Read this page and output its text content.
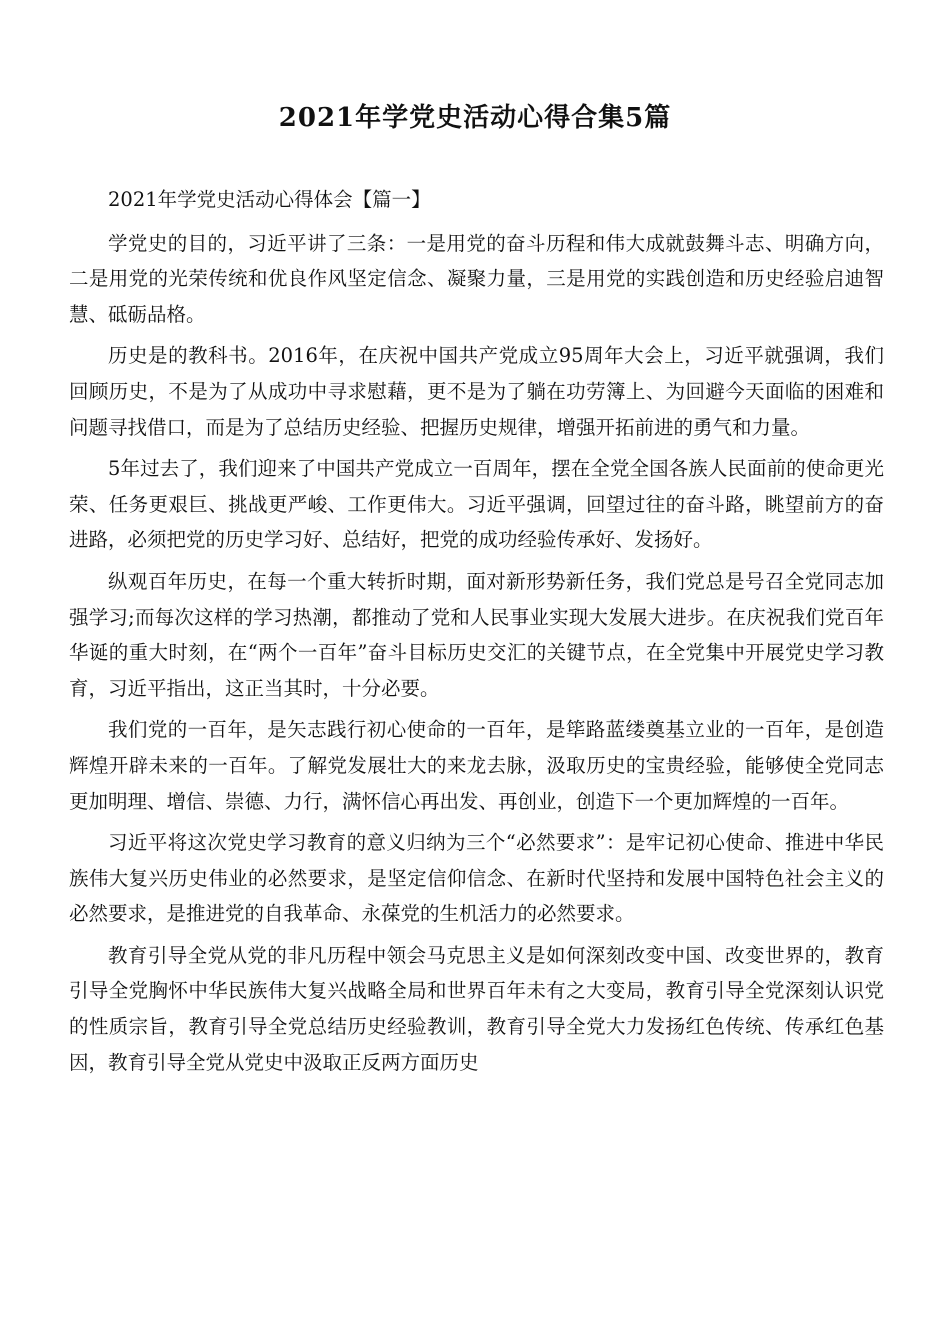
2021年学党史活动心得合集5篇

2021年学党史活动心得体会【篇一】

学党史的目的，习近平讲了三条：一是用党的奋斗历程和伟大成就鼓舞斗志、明确方向，二是用党的光荣传统和优良作风坚定信念、凝聚力量，三是用党的实践创造和历史经验启迪智慧、砥砺品格。

历史是的教科书。2016年，在庆祝中国共产党成立95周年大会上，习近平就强调，我们回顾历史，不是为了从成功中寻求慰藉，更不是为了躺在功劳簿上、为回避今天面临的困难和问题寻找借口，而是为了总结历史经验、把握历史规律，增强开拓前进的勇气和力量。

5年过去了，我们迎来了中国共产党成立一百周年，摆在全党全国各族人民面前的使命更光荣、任务更艰巨、挑战更严峻、工作更伟大。习近平强调，回望过往的奋斗路，眺望前方的奋进路，必须把党的历史学习好、总结好，把党的成功经验传承好、发扬好。

纵观百年历史，在每一个重大转折时期，面对新形势新任务，我们党总是号召全党同志加强学习;而每次这样的学习热潮，都推动了党和人民事业实现大发展大进步。在庆祝我们党百年华诞的重大时刻，在“两个一百年”奋斗目标历史交汇的关键节点，在全党集中开展党史学习教育，习近平指出，这正当其时，十分必要。

我们党的一百年，是矢志践行初心使命的一百年，是筚路蓝缕奠基立业的一百年，是创造辉煌开辟未来的一百年。了解党发展壮大的来龙去脉，汲取历史的宝贵经验，能够使全党同志更加明理、增信、崇德、力行，满怀信心再出发、再创业，创造下一个更加辉煌的一百年。

习近平将这次党史学习教育的意义归纳为三个“必然要求”：是牢记初心使命、推进中华民族伟大复兴历史伟业的必然要求，是坚定信仰信念、在新时代坚持和发展中国特色社会主义的必然要求，是推进党的自我革命、永葆党的生机活力的必然要求。

教育引导全党从党的非凡历程中领会马克思主义是如何深刻改变中国、改变世界的，教育引导全党胸怀中华民族伟大复兴战略全局和世界百年未有之大变局，教育引导全党深刻认识党的性质宗旨，教育引导全党总结历史经验教训，教育引导全党大力发扬红色传统、传承红色基因，教育引导全党从党史中汲取正反两方面历史
